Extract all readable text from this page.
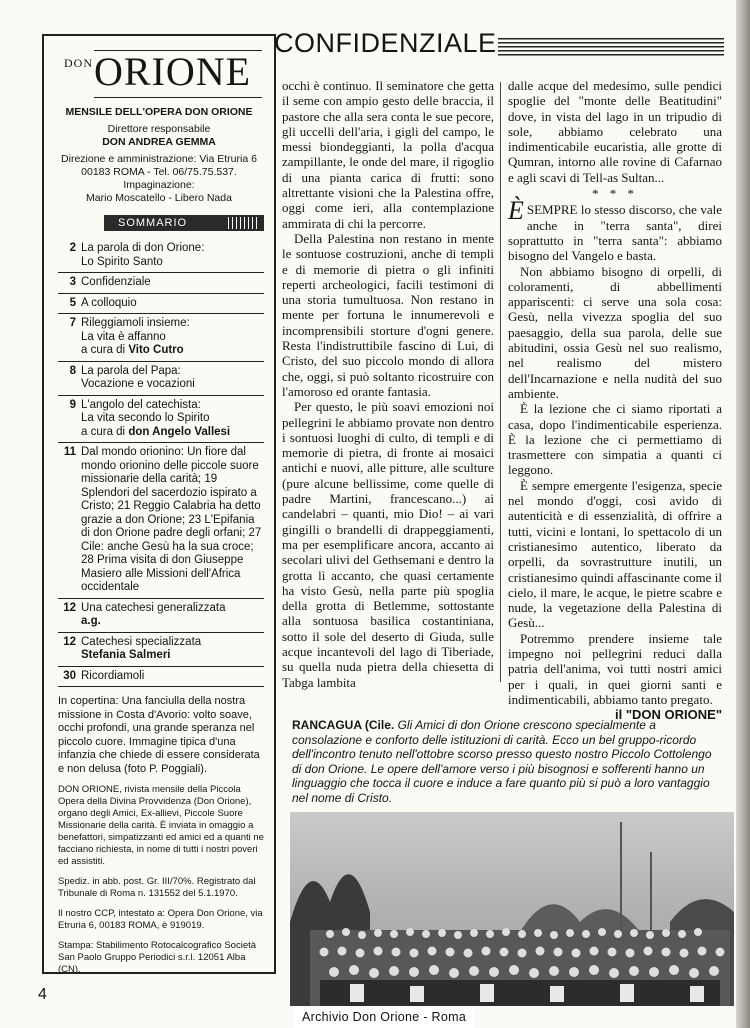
DON ORIONE
MENSILE DELL'OPERA DON ORIONE
Direttore responsabile
DON ANDREA GEMMA
Direzione e amministrazione: Via Etruria 6
00183 ROMA - Tel. 06/75.75.537.
Impaginazione:
Mario Moscatello - Libero Nada
SOMMARIO
2 La parola di don Orione:
Lo Spirito Santo
3 Confidenziale
5 A colloquio
7 Rileggiamoli insieme:
La vita è affanno
a cura di Vito Cutro
8 La parola del Papa:
Vocazione e vocazioni
9 L'angolo del catechista:
La vita secondo lo Spirito
a cura di don Angelo Vallesi
11 Dal mondo orionino: Un fiore dal mondo orionino delle piccole suore missionarie della carità; 19 Splendori del sacerdozio ispirato a Cristo; 21 Reggio Calabria ha detto grazie a don Orione; 23 L'Epifania di don Orione padre degli orfani; 27 Cile: anche Gesù ha la sua croce; 28 Prima visita di don Giuseppe Masiero alle Missioni dell'Africa occidentale
12 Una catechesi generalizzata
a.g.
12 Catechesi specializzata
Stefania Salmeri
30 Ricordiamoli
In copertina: Una fanciulla della nostra missione in Costa d'Avorio: volto soave, occhi profondi, una grande speranza nel piccolo cuore. Immagine tipica d'una infanzia che chiede di essere considerata e non delusa (foto P. Poggiali).
DON ORIONE, rivista mensile della Piccola Opera della Divina Provvidenza (Don Orione), organo degli Amici, Ex-allievi, Piccole Suore Missionarie della carità. È inviata in omaggio a benefattori, simpatizzanti ed amici ed a quanti ne facciano richiesta, in nome di tutti i nostri poveri ed assistiti.
Spediz. in abb. post. Gr. III/70%. Registrato dal Tribunale di Roma n. 131552 del 5.1.1970.
Il nostro CCP, intestato a: Opera Don Orione, via Etruria 6, 00183 ROMA, è 919019.
Stampa: Stabilimento Rotocalcografico Società San Paolo Gruppo Periodici s.r.l. 12051 Alba (CN).
CONFIDENZIALE

occhi è continuo. Il seminatore che getta il seme con ampio gesto delle braccia, il pastore che alla sera conta le sue pecore, gli uccelli dell'aria, i gigli del campo, le messi biondeggianti, la polla d'acqua zampillante, le onde del mare, il rigoglio di una pianta carica di frutti: sono altrettante visioni che la Palestina offre, oggi come ieri, alla contemplazione ammirata di chi la percorre.

Della Palestina non restano in mente le sontuose costruzioni, anche di templi e di memorie di pietra o gli infiniti reperti archeologici, facili testimoni di una storia tumultuosa. Non restano in mente per fortuna le innumerevoli e incomprensibili storture d'ogni genere. Resta l'indistruttibile fascino di Lui, di Cristo, del suo piccolo mondo di allora che, oggi, si può soltanto ricostruire con l'amoroso ed orante fantasia.

Per questo, le più soavi emozioni noi pellegrini le abbiamo provate non dentro i sontuosi luoghi di culto, di templi e di memorie di pietra, di fronte ai mosaici antichi e nuovi, alle pitture, alle sculture (pure alcune bellissime, come quelle di padre Martini, francescano...) ai candelabri – quanti, mio Dio! – ai vari gingilli o brandelli di drappeggiamenti, ma per esemplificare ancora, accanto ai secolari ulivi del Gethsemani e dentro la grotta lì accanto, che quasi certamente ha visto Gesù, nella parte più spoglia della grotta di Betlemme, sottostante alla sontuosa basilica costantiniana, sotto il sole del deserto di Giuda, sulle acque incantevoli del lago di Tiberiade, su quella nuda pietra della chiesetta di Tabga lambita

dalle acque del medesimo, sulle pendici spoglie del "monte delle Beatitudini" dove, in vista del lago in un tripudio di sole, abbiamo celebrato una indimenticabile eucaristia, alle grotte di Qumran, intorno alle rovine di Cafarnao e agli scavi di Tell-as Sultan...

* * *

ÈSEMPRE lo stesso discorso, che vale anche in "terra santa", direi soprattutto in "terra santa": abbiamo bisogno del Vangelo e basta.

Non abbiamo bisogno di orpelli, di coloramenti, di abbellimenti appariscenti: ci serve una sola cosa: Gesù, nella vivezza spoglia del suo paesaggio, della sua parola, delle sue abitudini, ossia Gesù nel suo realismo, nel realismo del mistero dell'Incarnazione e nella nudità del suo ambiente.

È la lezione che ci siamo riportati a casa, dopo l'indimenticabile esperienza. È la lezione che ci permettiamo di trasmettere con simpatia a quanti ci leggono.

È sempre emergente l'esigenza, specie nel mondo d'oggi, così avido di autenticità e di essenzialità, di offrire a tutti, vicini e lontani, lo spettacolo di un cristianesimo autentico, liberato da orpelli, da sovrastrutture inutili, un cristianesimo quindi affascinante come il cielo, il mare, le acque, le pietre scabre e nude, la vegetazione della Palestina di Gesù...

Potremmo prendere insieme tale impegno noi pellegrini reduci dalla patria dell'anima, voi tutti nostri amici per i quali, in quei giorni santi e indimenticabili, abbiamo tanto pregato.

il "DON ORIONE"
RANCAGUA (Cile. Gli Amici di don Orione crescono specialmente a consolazione e conforto delle istituzioni di carità. Ecco un bel gruppo-ricordo dell'incontro tenuto nell'ottobre scorso presso questo nostro Piccolo Cottolengo di don Orione. Le opere dell'amore verso i più bisognosi e sofferenti hanno un linguaggio che tocca il cuore e induce a fare quanto più si può a loro vantaggio nel nome di Cristo.
4
Archivio Don Orione - Roma
